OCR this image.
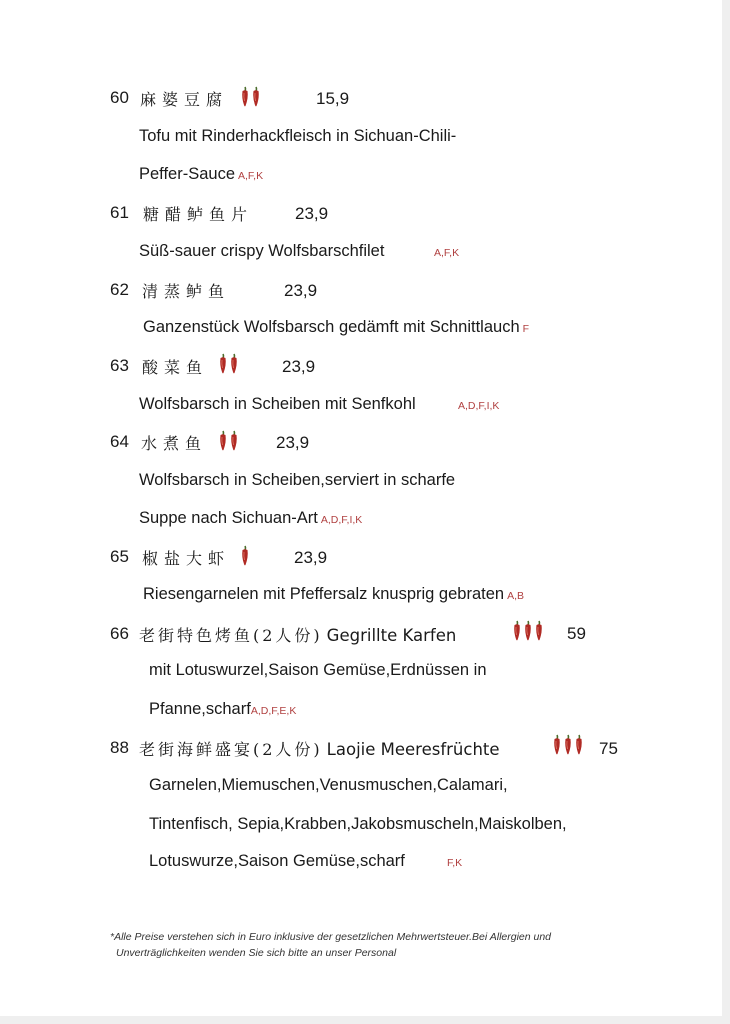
60 麻婆豆腐	15,9
Tofu mit Rinderhackfleisch in Sichuan-Chili-
Peffer-Sauce A,F,K
61 糖醋鲈鱼片 23,9
Süß-sauer crispy Wolfsbarschfilet	A,F,K
62 清蒸鲈鱼	23,9
Ganzenstück Wolfsbarsch gedämft mit Schnittlauch F
63 酸菜鱼	23,9
Wolfsbarsch in Scheiben mit Senfkohl	A,D,F,I,K
64 水煮鱼	23,9
Wolfsbarsch in Scheiben,serviert in scharfe
Suppe nach Sichuan-Art A,D,F,I,K
65 椒盐大虾	23,9
Riesengarnelen mit Pfeffersalz knusprig gebraten A,B
66 老街特色烤鱼(2人份) Gegrillte Karfen	59
mit Lotuswurzel,Saison Gemüse,Erdnüssen in
Pfanne,scharfA,D,F,E,K
88 老街海鲜盛宴(2人份) Laojie Meeresfrüchte	75
Garnelen,Miemuschen,Venusmuschen,Calamari,
Tintenfisch, Sepia,Krabben,Jakobsmuscheln,Maiskolben,
Lotuswurze,Saison Gemüse,scharf	F,K
*Alle Preise verstehen sich in Euro inklusive der gesetzlichen Mehrwertsteuer.Bei Allergien und
Unverträglichkeiten wenden Sie sich bitte an unser Personal
